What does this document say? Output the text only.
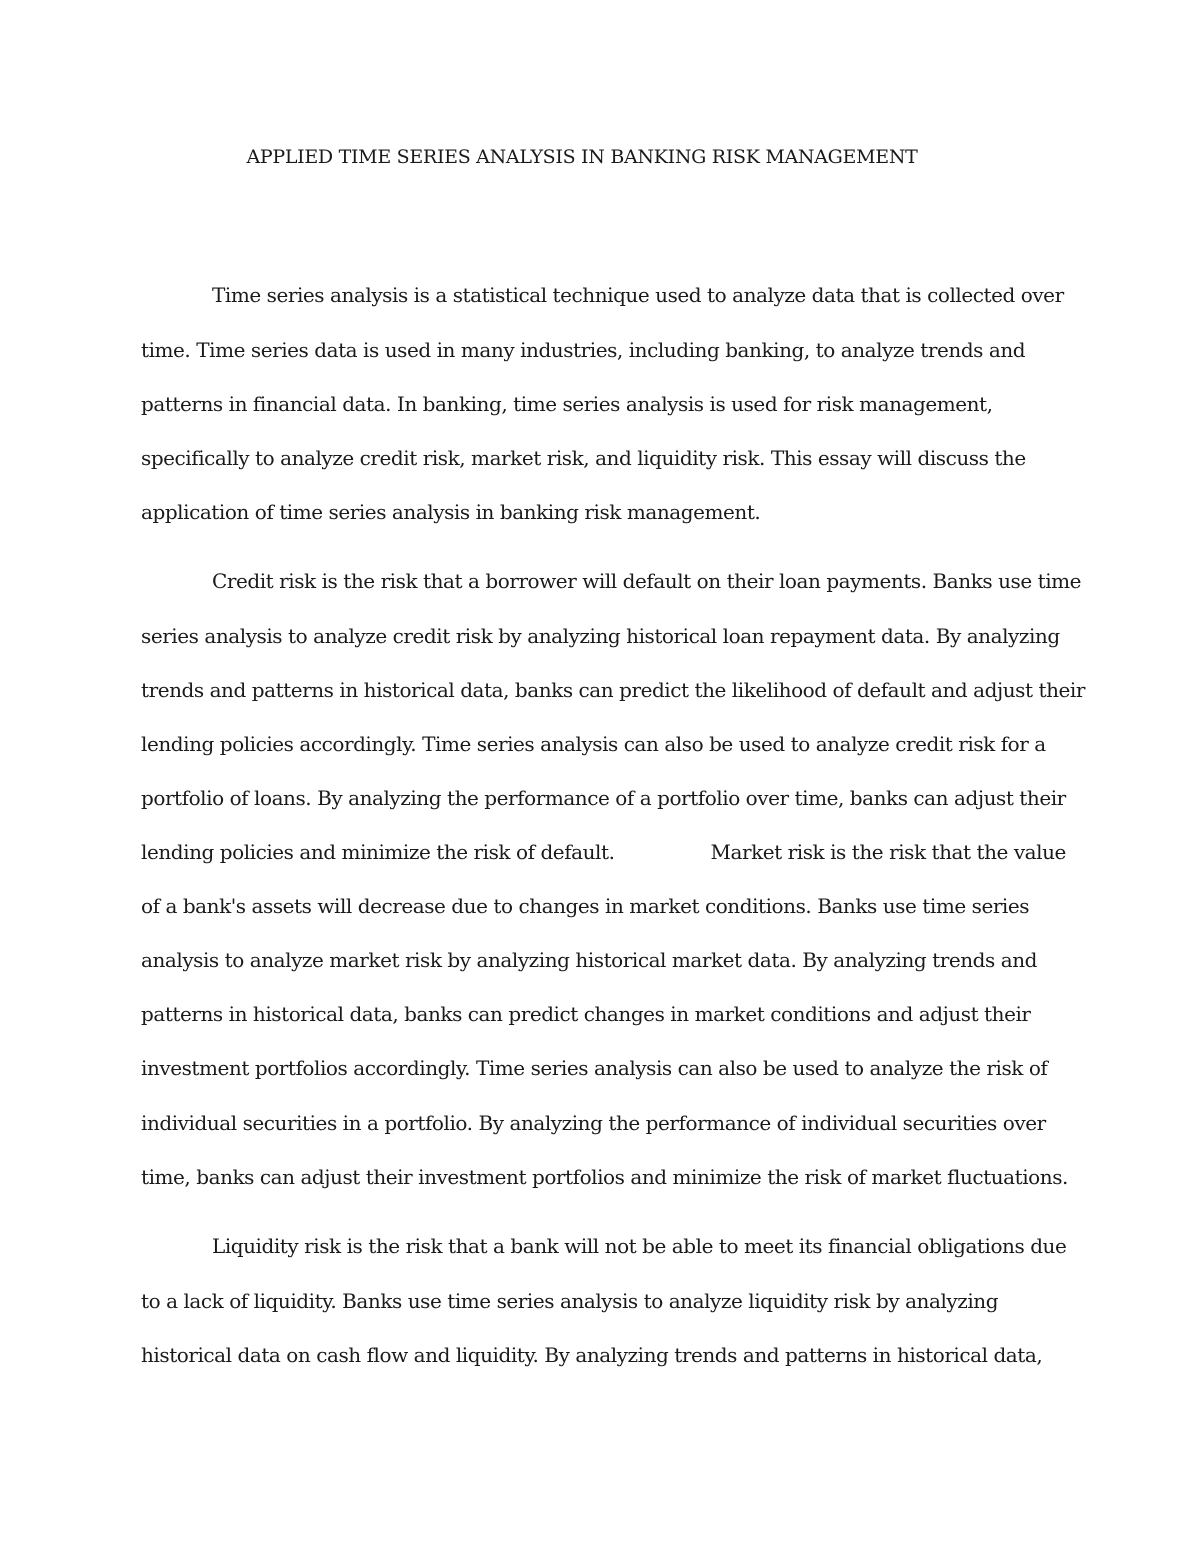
APPLIED TIME SERIES ANALYSIS IN BANKING RISK MANAGEMENT
Time series analysis is a statistical technique used to analyze data that is collected over
time. Time series data is used in many industries, including banking, to analyze trends and
patterns in financial data. In banking, time series analysis is used for risk management,
specifically to analyze credit risk, market risk, and liquidity risk. This essay will discuss the
application of time series analysis in banking risk management.
Credit risk is the risk that a borrower will default on their loan payments. Banks use time
series analysis to analyze credit risk by analyzing historical loan repayment data. By analyzing
trends and patterns in historical data, banks can predict the likelihood of default and adjust their
lending policies accordingly. Time series analysis can also be used to analyze credit risk for a
portfolio of loans. By analyzing the performance of a portfolio over time, banks can adjust their
lending policies and minimize the risk of default.	Market risk is the risk that the value
of a bank's assets will decrease due to changes in market conditions. Banks use time series
analysis to analyze market risk by analyzing historical market data. By analyzing trends and
patterns in historical data, banks can predict changes in market conditions and adjust their
investment portfolios accordingly. Time series analysis can also be used to analyze the risk of
individual securities in a portfolio. By analyzing the performance of individual securities over
time, banks can adjust their investment portfolios and minimize the risk of market fluctuations.
Liquidity risk is the risk that a bank will not be able to meet its financial obligations due
to a lack of liquidity. Banks use time series analysis to analyze liquidity risk by analyzing
historical data on cash flow and liquidity. By analyzing trends and patterns in historical data,
